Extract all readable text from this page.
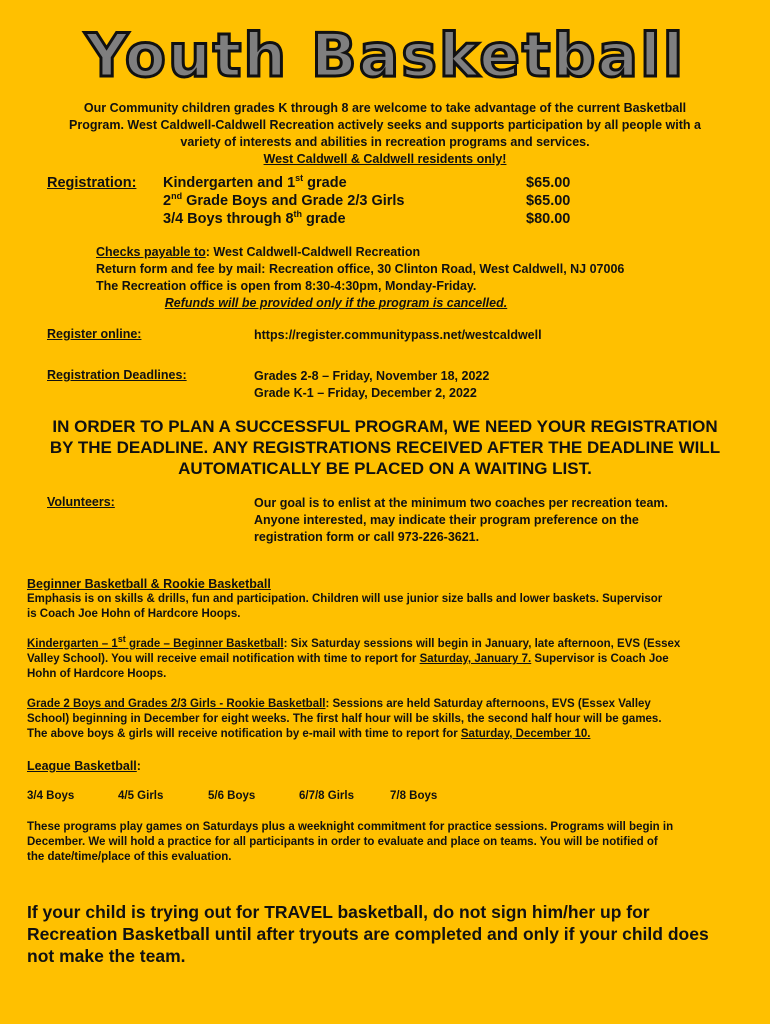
Youth Basketball
Our Community children grades K through 8 are welcome to take advantage of the current Basketball
Program. West Caldwell-Caldwell Recreation actively seeks and supports participation by all people with a
variety of interests and abilities in recreation programs and services.
West Caldwell & Caldwell residents only!
Registration: Kindergarten and 1st grade	$65.00
2nd Grade Boys and Grade 2/3 Girls	$65.00
3/4 Boys through 8th grade	$80.00
Checks payable to: West Caldwell-Caldwell Recreation
Return form and fee by mail: Recreation office, 30 Clinton Road, West Caldwell, NJ 07006
The Recreation office is open from 8:30-4:30pm, Monday-Friday.
Refunds will be provided only if the program is cancelled.
Register online:	https://register.communitypass.net/westcaldwell
Registration Deadlines:	Grades 2-8 – Friday, November 18, 2022
Grade K-1 – Friday, December 2, 2022
IN ORDER TO PLAN A SUCCESSFUL PROGRAM, WE NEED YOUR REGISTRATION
BY THE DEADLINE. ANY REGISTRATIONS RECEIVED AFTER THE DEADLINE WILL
AUTOMATICALLY BE PLACED ON A WAITING LIST.
Volunteers:	Our goal is to enlist at the minimum two coaches per recreation team.
Anyone interested, may indicate their program preference on the
registration form or call 973-226-3621.
Beginner Basketball & Rookie Basketball
Emphasis is on skills & drills, fun and participation. Children will use junior size balls and lower baskets. Supervisor
is Coach Joe Hohn of Hardcore Hoops.
Kindergarten – 1st grade – Beginner Basketball: Six Saturday sessions will begin in January, late afternoon, EVS (Essex
Valley School). You will receive email notification with time to report for Saturday, January 7. Supervisor is Coach Joe
Hohn of Hardcore Hoops.
Grade 2 Boys and Grades 2/3 Girls - Rookie Basketball: Sessions are held Saturday afternoons, EVS (Essex Valley
School) beginning in December for eight weeks. The first half hour will be skills, the second half hour will be games.
The above boys & girls will receive notification by e-mail with time to report for Saturday, December 10.
League Basketball:
3/4 Boys	4/5 Girls	5/6 Boys	6/7/8 Girls	7/8 Boys
These programs play games on Saturdays plus a weeknight commitment for practice sessions. Programs will begin in
December. We will hold a practice for all participants in order to evaluate and place on teams. You will be notified of
the date/time/place of this evaluation.
If your child is trying out for TRAVEL basketball, do not sign him/her up for
Recreation Basketball until after tryouts are completed and only if your child does
not make the team.
